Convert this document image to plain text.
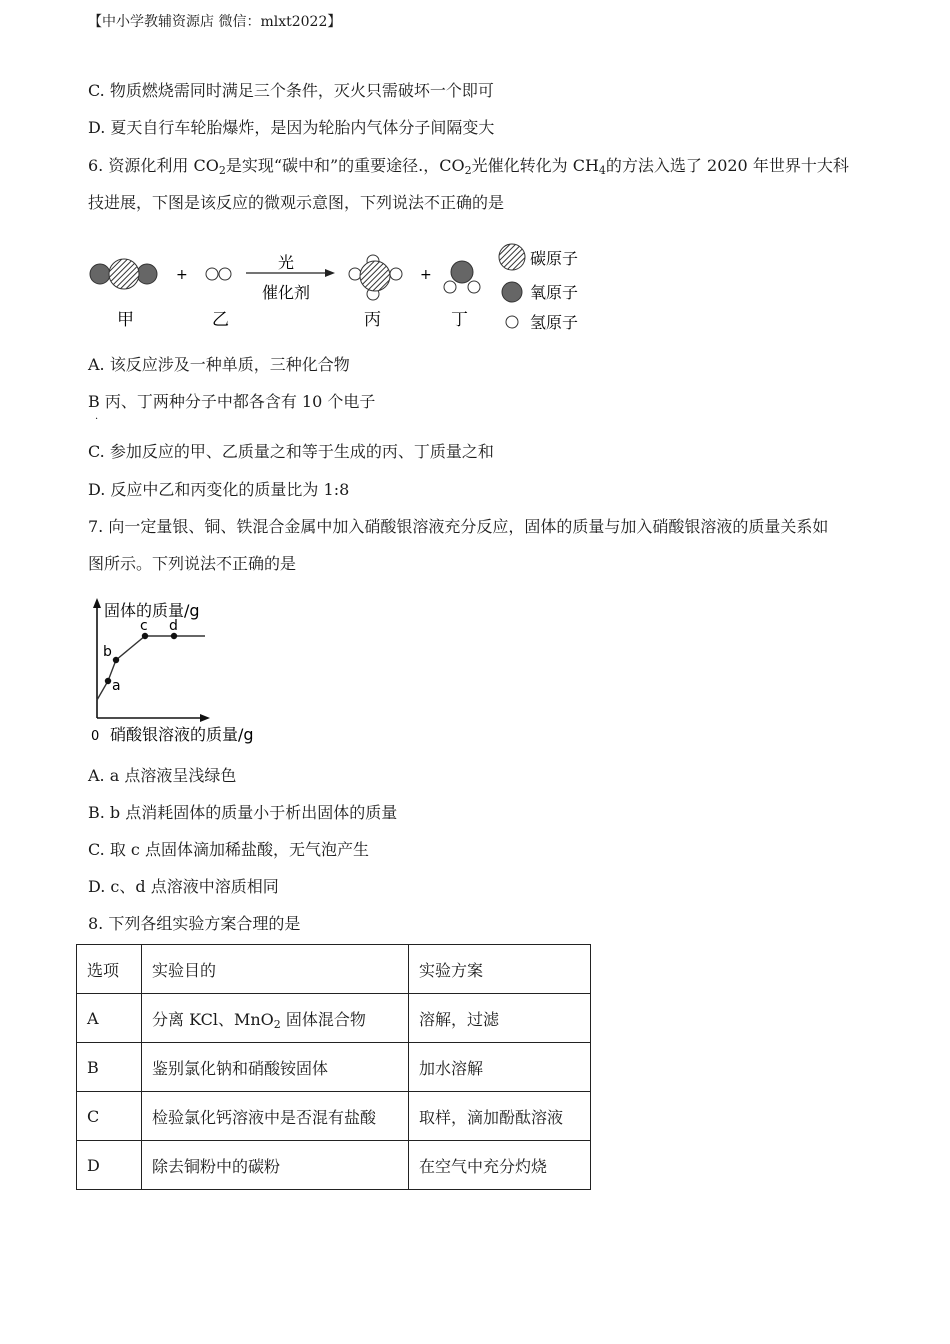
【中小学教辅资源店 微信：mlxt2022】
C. 物质燃烧需同时满足三个条件，灭火只需破坏一个即可
D. 夏天自行车轮胎爆炸，是因为轮胎内气体分子间隔变大
6. 资源化利用 $CO_2$是实现“碳中和”的重要途径.，$CO_2$光催化转化为 $CH_4$的方法入选了 2020 年世界十大科
技进展，下图是该反应的微观示意图，下列说法不正确的是
+
光
催化剂
+
甲	乙	丙	丁
碳原子
氧原子
氢原子
A. 该反应涉及一种单质，三种化合物
B 丙、丁两种分子中都各含有 10 个电子
·
C. 参加反应的甲、乙质量之和等于生成的丙、丁质量之和
D. 反应中乙和丙变化的质量比为 1:8
7. 向一定量银、铜、铁混合金属中加入硝酸银溶液充分反应，固体的质量与加入硝酸银溶液的质量关系如
图所示。下列说法不正确的是
a
b
c d
固体的质量/g
0 硝酸银溶液的质量/g
A. a 点溶液呈浅绿色
B. b 点消耗固体的质量小于析出固体的质量
C. 取 c 点固体滴加稀盐酸，无气泡产生
D. c、d 点溶液中溶质相同
8. 下列各组实验方案合理的是
选项	实验目的	实验方案
A	分离 KCl、MnO$_2$ 固体混合物	溶解，过滤
B	鉴别氯化钠和硝酸铵固体	加水溶解
C	检验氯化钙溶液中是否混有盐酸	取样，滴加酚酞溶液
D	除去铜粉中的碳粉	在空气中充分灼烧
